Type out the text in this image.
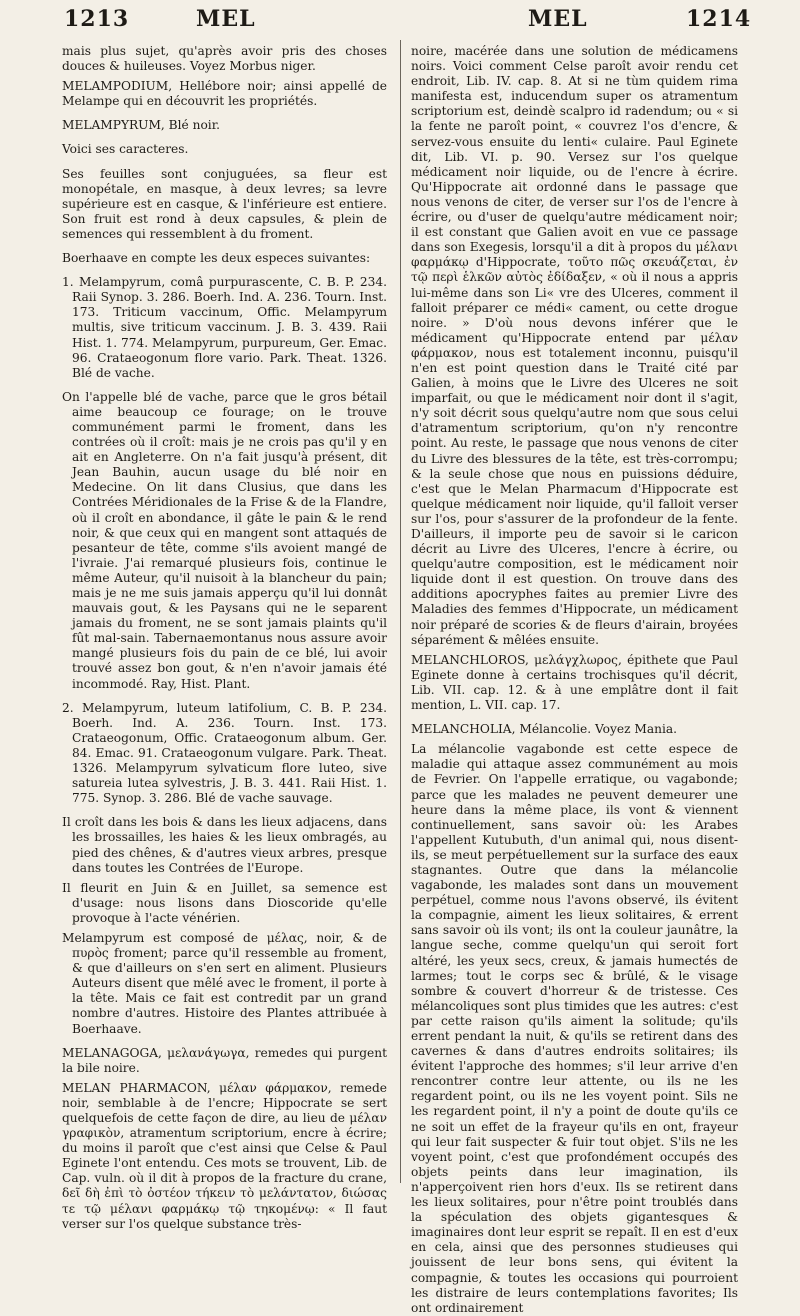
1213	MEL	MEL	1214

mais plus sujet, qu'après avoir pris des choses douces & huileuses. Voyez Morbus niger.

MELAMPODIUM, Hellébore noir; ainsi appellé de Melampe qui en découvrit les propriétés.

MELAMPYRUM, Blé noir.

Voici ses caracteres.

Ses feuilles sont conjuguées, sa fleur est monopétale, en masque, à deux levres; sa levre supérieure est en casque, & l'inférieure est entiere. Son fruit est rond à deux capsules, & plein de semences qui ressemblent à du froment.

Boerhaave en compte les deux especes suivantes:

1. Melampyrum, comâ purpurascente, C. B. P. 234. Raii Synop. 3. 286. Boerh. Ind. A. 236. Tourn. Inst. 173. Triticum vaccinum, Offic. Melampyrum multis, sive triticum vaccinum. J. B. 3. 439. Raii Hist. 1. 774. Melampyrum, purpureum, Ger. Emac. 96. Crataeogonum flore vario. Park. Theat. 1326. Blé de vache.

On l'appelle blé de vache, parce que le gros bétail aime beaucoup ce fourage; on le trouve communément parmi le froment, dans les contrées où il croît: mais je ne crois pas qu'il y en ait en Angleterre. On n'a fait jusqu'à présent, dit Jean Bauhin, aucun usage du blé noir en Medecine. On lit dans Clusius, que dans les Contrées Méridionales de la Frise & de la Flandre, où il croît en abondance, il gâte le pain & le rend noir, & que ceux qui en mangent sont attaqués de pesanteur de tête, comme s'ils avoient mangé de l'ivraie. J'ai remarqué plusieurs fois, continue le même Auteur, qu'il nuisoit à la blancheur du pain; mais je ne me suis jamais apperçu qu'il lui donnât mauvais gout, & les Paysans qui ne le separent jamais du froment, ne se sont jamais plaints qu'il fût mal-sain. Tabernaemontanus nous assure avoir mangé plusieurs fois du pain de ce blé, lui avoir trouvé assez bon gout, & n'en n'avoir jamais été incommodé. Ray, Hist. Plant.

2. Melampyrum, luteum latifolium, C. B. P. 234. Boerh. Ind. A. 236. Tourn. Inst. 173. Crataeogonum, Offic. Crataeogonum album. Ger. 84. Emac. 91. Crataeogonum vulgare. Park. Theat. 1326. Melampyrum sylvaticum flore luteo, sive satureia lutea sylvestris, J. B. 3. 441. Raii Hist. 1. 775. Synop. 3. 286. Blé de vache sauvage.

Il croît dans les bois & dans les lieux adjacens, dans les brossailles, les haies & les lieux ombragés, au pied des chênes, & d'autres vieux arbres, presque dans toutes les Contrées de l'Europe.

Il fleurit en Juin & en Juillet, sa semence est d'usage: nous lisons dans Dioscoride qu'elle provoque à l'acte vénérien.

Melampyrum est composé de μέλας, noir, & de πυρὸς froment; parce qu'il ressemble au froment, & que d'ailleurs on s'en sert en aliment. Plusieurs Auteurs disent que mêlé avec le froment, il porte à la tête. Mais ce fait est contredit par un grand nombre d'autres. Histoire des Plantes attribuée à Boerhaave.

MELANAGOGA, μελανάγωγα, remedes qui purgent la bile noire.

MELAN PHARMACON, μέλαν φάρμακον, remede noir, semblable à de l'encre; Hippocrate se sert quelquefois de cette façon de dire, au lieu de μέλαν γραφικὸν, atramentum scriptorium, encre à écrire; du moins il paroît que c'est ainsi que Celse & Paul Eginete l'ont entendu. Ces mots se trouvent, Lib. de Cap. vuln. où il dit à propos de la fracture du crane, δεῖ δὴ ἐπὶ τὸ ὀστέον τήκειν τὸ μελάντατον, διώσας τε τῷ μέλανι φαρμάκῳ τῷ τηκομένῳ: « Il faut verser sur l'os quelque substance très-

noire, macérée dans une solution de médicamens noirs. Voici comment Celse paroît avoir rendu cet endroit, Lib. IV. cap. 8. At si ne tùm quidem rima manifesta est, inducendum super os atramentum scriptorium est, deindè scalpro id radendum; ou « si la fente ne paroît point, « couvrez l'os d'encre, & servez-vous ensuite du lenti« culaire. Paul Eginete dit, Lib. VI. p. 90. Versez sur l'os quelque médicament noir liquide, ou de l'encre à écrire. Qu'Hippocrate ait ordonné dans le passage que nous venons de citer, de verser sur l'os de l'encre à écrire, ou d'user de quelqu'autre médicament noir; il est constant que Galien avoit en vue ce passage dans son Exegesis, lorsqu'il a dit à propos du μέλανι φαρμάκῳ d'Hippocrate, τοῦτο πῶς σκευάζεται, ἐν τῷ περὶ ἑλκῶν αὐτὸς ἐδίδαξεν, « où il nous a appris lui-même dans son Li« vre des Ulceres, comment il falloit préparer ce médi« cament, ou cette drogue noire. » D'où nous devons inférer que le médicament qu'Hippocrate entend par μέλαν φάρμακον, nous est totalement inconnu, puisqu'il n'en est point question dans le Traité cité par Galien, à moins que le Livre des Ulceres ne soit imparfait, ou que le médicament noir dont il s'agit, n'y soit décrit sous quelqu'autre nom que sous celui d'atramentum scriptorium, qu'on n'y rencontre point. Au reste, le passage que nous venons de citer du Livre des blessures de la tête, est très-corrompu; & la seule chose que nous en puissions déduire, c'est que le Melan Pharmacum d'Hippocrate est quelque médicament noir liquide, qu'il falloit verser sur l'os, pour s'assurer de la profondeur de la fente. D'ailleurs, il importe peu de savoir si le caricon décrit au Livre des Ulceres, l'encre à écrire, ou quelqu'autre composition, est le médicament noir liquide dont il est question. On trouve dans des additions apocryphes faites au premier Livre des Maladies des femmes d'Hippocrate, un médicament noir préparé de scories & de fleurs d'airain, broyées séparément & mêlées ensuite.

MELANCHLOROS, μελάγχλωρος, épithete que Paul Eginete donne à certains trochisques qu'il décrit, Lib. VII. cap. 12. & à une emplâtre dont il fait mention, L. VII. cap. 17.

MELANCHOLIA, Mélancolie. Voyez Mania.

La mélancolie vagabonde est cette espece de maladie qui attaque assez communément au mois de Fevrier. On l'appelle erratique, ou vagabonde; parce que les malades ne peuvent demeurer une heure dans la même place, ils vont & viennent continuellement, sans savoir où: les Arabes l'appellent Kutubuth, d'un animal qui, nous disent-ils, se meut perpétuellement sur la surface des eaux stagnantes. Outre que dans la mélancolie vagabonde, les malades sont dans un mouvement perpétuel, comme nous l'avons observé, ils évitent la compagnie, aiment les lieux solitaires, & errent sans savoir où ils vont; ils ont la couleur jaunâtre, la langue seche, comme quelqu'un qui seroit fort altéré, les yeux secs, creux, & jamais humectés de larmes; tout le corps sec & brûlé, & le visage sombre & couvert d'horreur & de tristesse. Ces mélancoliques sont plus timides que les autres: c'est par cette raison qu'ils aiment la solitude; qu'ils errent pendant la nuit, & qu'ils se retirent dans des cavernes & dans d'autres endroits solitaires; ils évitent l'approche des hommes; s'il leur arrive d'en rencontrer contre leur attente, ou ils ne les regardent point, ou ils ne les voyent point. Sils ne les regardent point, il n'y a point de doute qu'ils ce ne soit un effet de la frayeur qu'ils en ont, frayeur qui leur fait suspecter & fuir tout objet. S'ils ne les voyent point, c'est que profondément occupés des objets peints dans leur imagination, ils n'apperçoivent rien hors d'eux. Ils se retirent dans les lieux solitaires, pour n'être point troublés dans la spéculation des objets gigantesques & imaginaires dont leur esprit se repaît. Il en est d'eux en cela, ainsi que des personnes studieuses qui jouissent de leur bons sens, qui évitent la compagnie, & toutes les occasions qui pourroient les distraire de leurs contemplations favorites; Ils ont ordinairement
